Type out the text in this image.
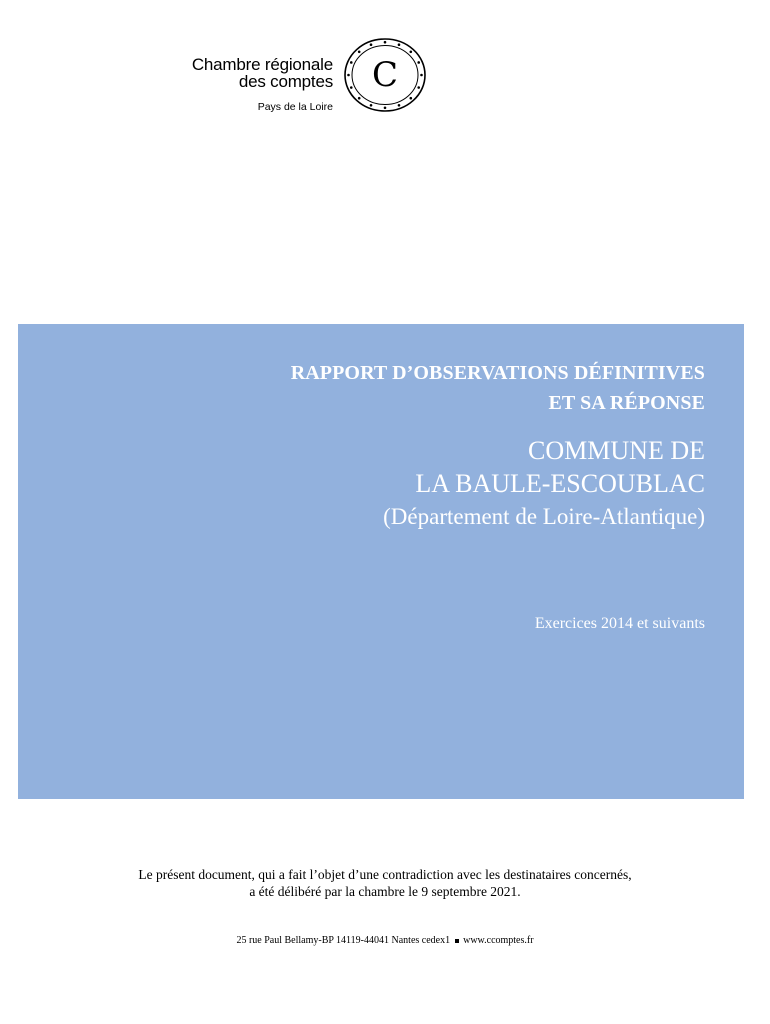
Chambre régionale
des comptes
Pays de la Loire
C
RAPPORT D’OBSERVATIONS DÉFINITIVES
ET SA RÉPONSE
COMMUNE DE
LA BAULE-ESCOUBLAC
(Département de Loire-Atlantique)
Exercices 2014 et suivants
Le présent document, qui a fait l’objet d’une contradiction avec les destinataires concernés,
a été délibéré par la chambre le 9 septembre 2021.
25 rue Paul Bellamy-BP 14119-44041 Nantes cedex1 www.ccomptes.fr
